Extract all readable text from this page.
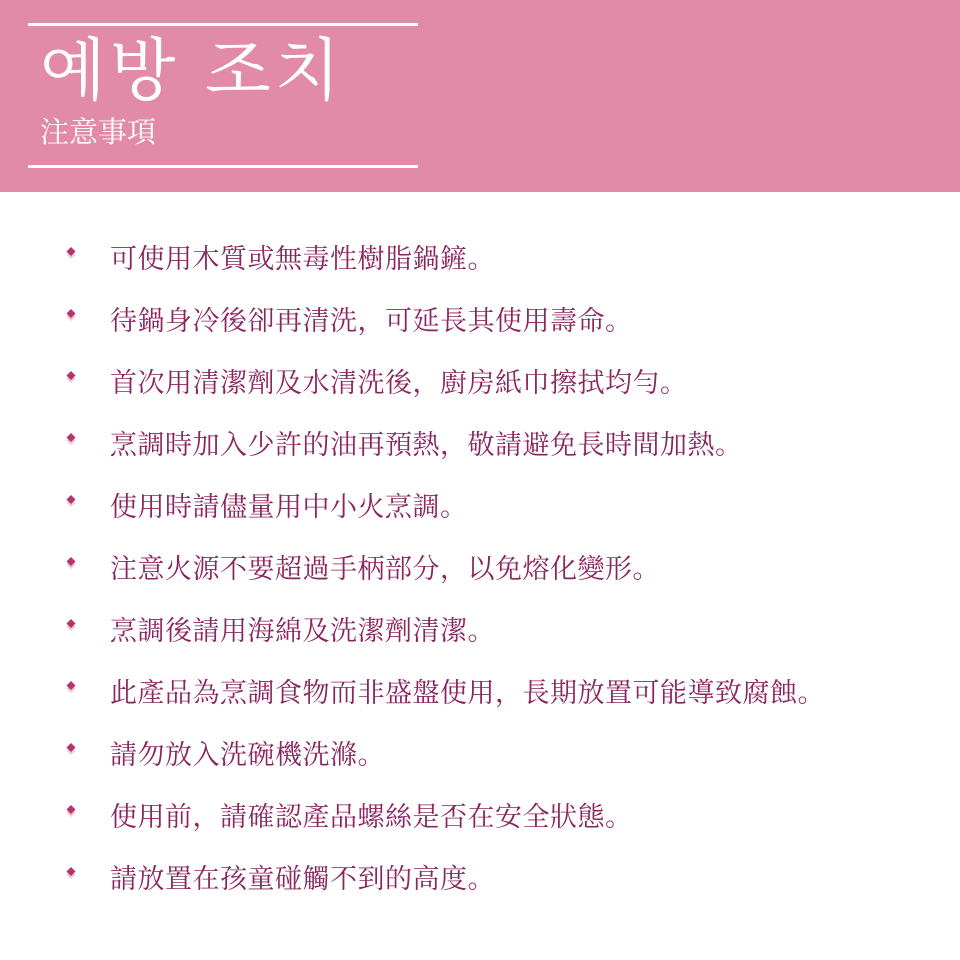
예방 조치
注意事項
可使用木質或無毒性樹脂鍋鏟。
待鍋身冷後卻再清洗，可延長其使用壽命。
首次用清潔劑及水清洗後，廚房紙巾擦拭均勻。
烹調時加入少許的油再預熱，敬請避免長時間加熱。
使用時請儘量用中小火烹調。
注意火源不要超過手柄部分，以免熔化變形。
烹調後請用海綿及洗潔劑清潔。
此產品為烹調食物而非盛盤使用，長期放置可能導致腐蝕。
請勿放入洗碗機洗滌。
使用前，請確認產品螺絲是否在安全狀態。
請放置在孩童碰觸不到的高度。
